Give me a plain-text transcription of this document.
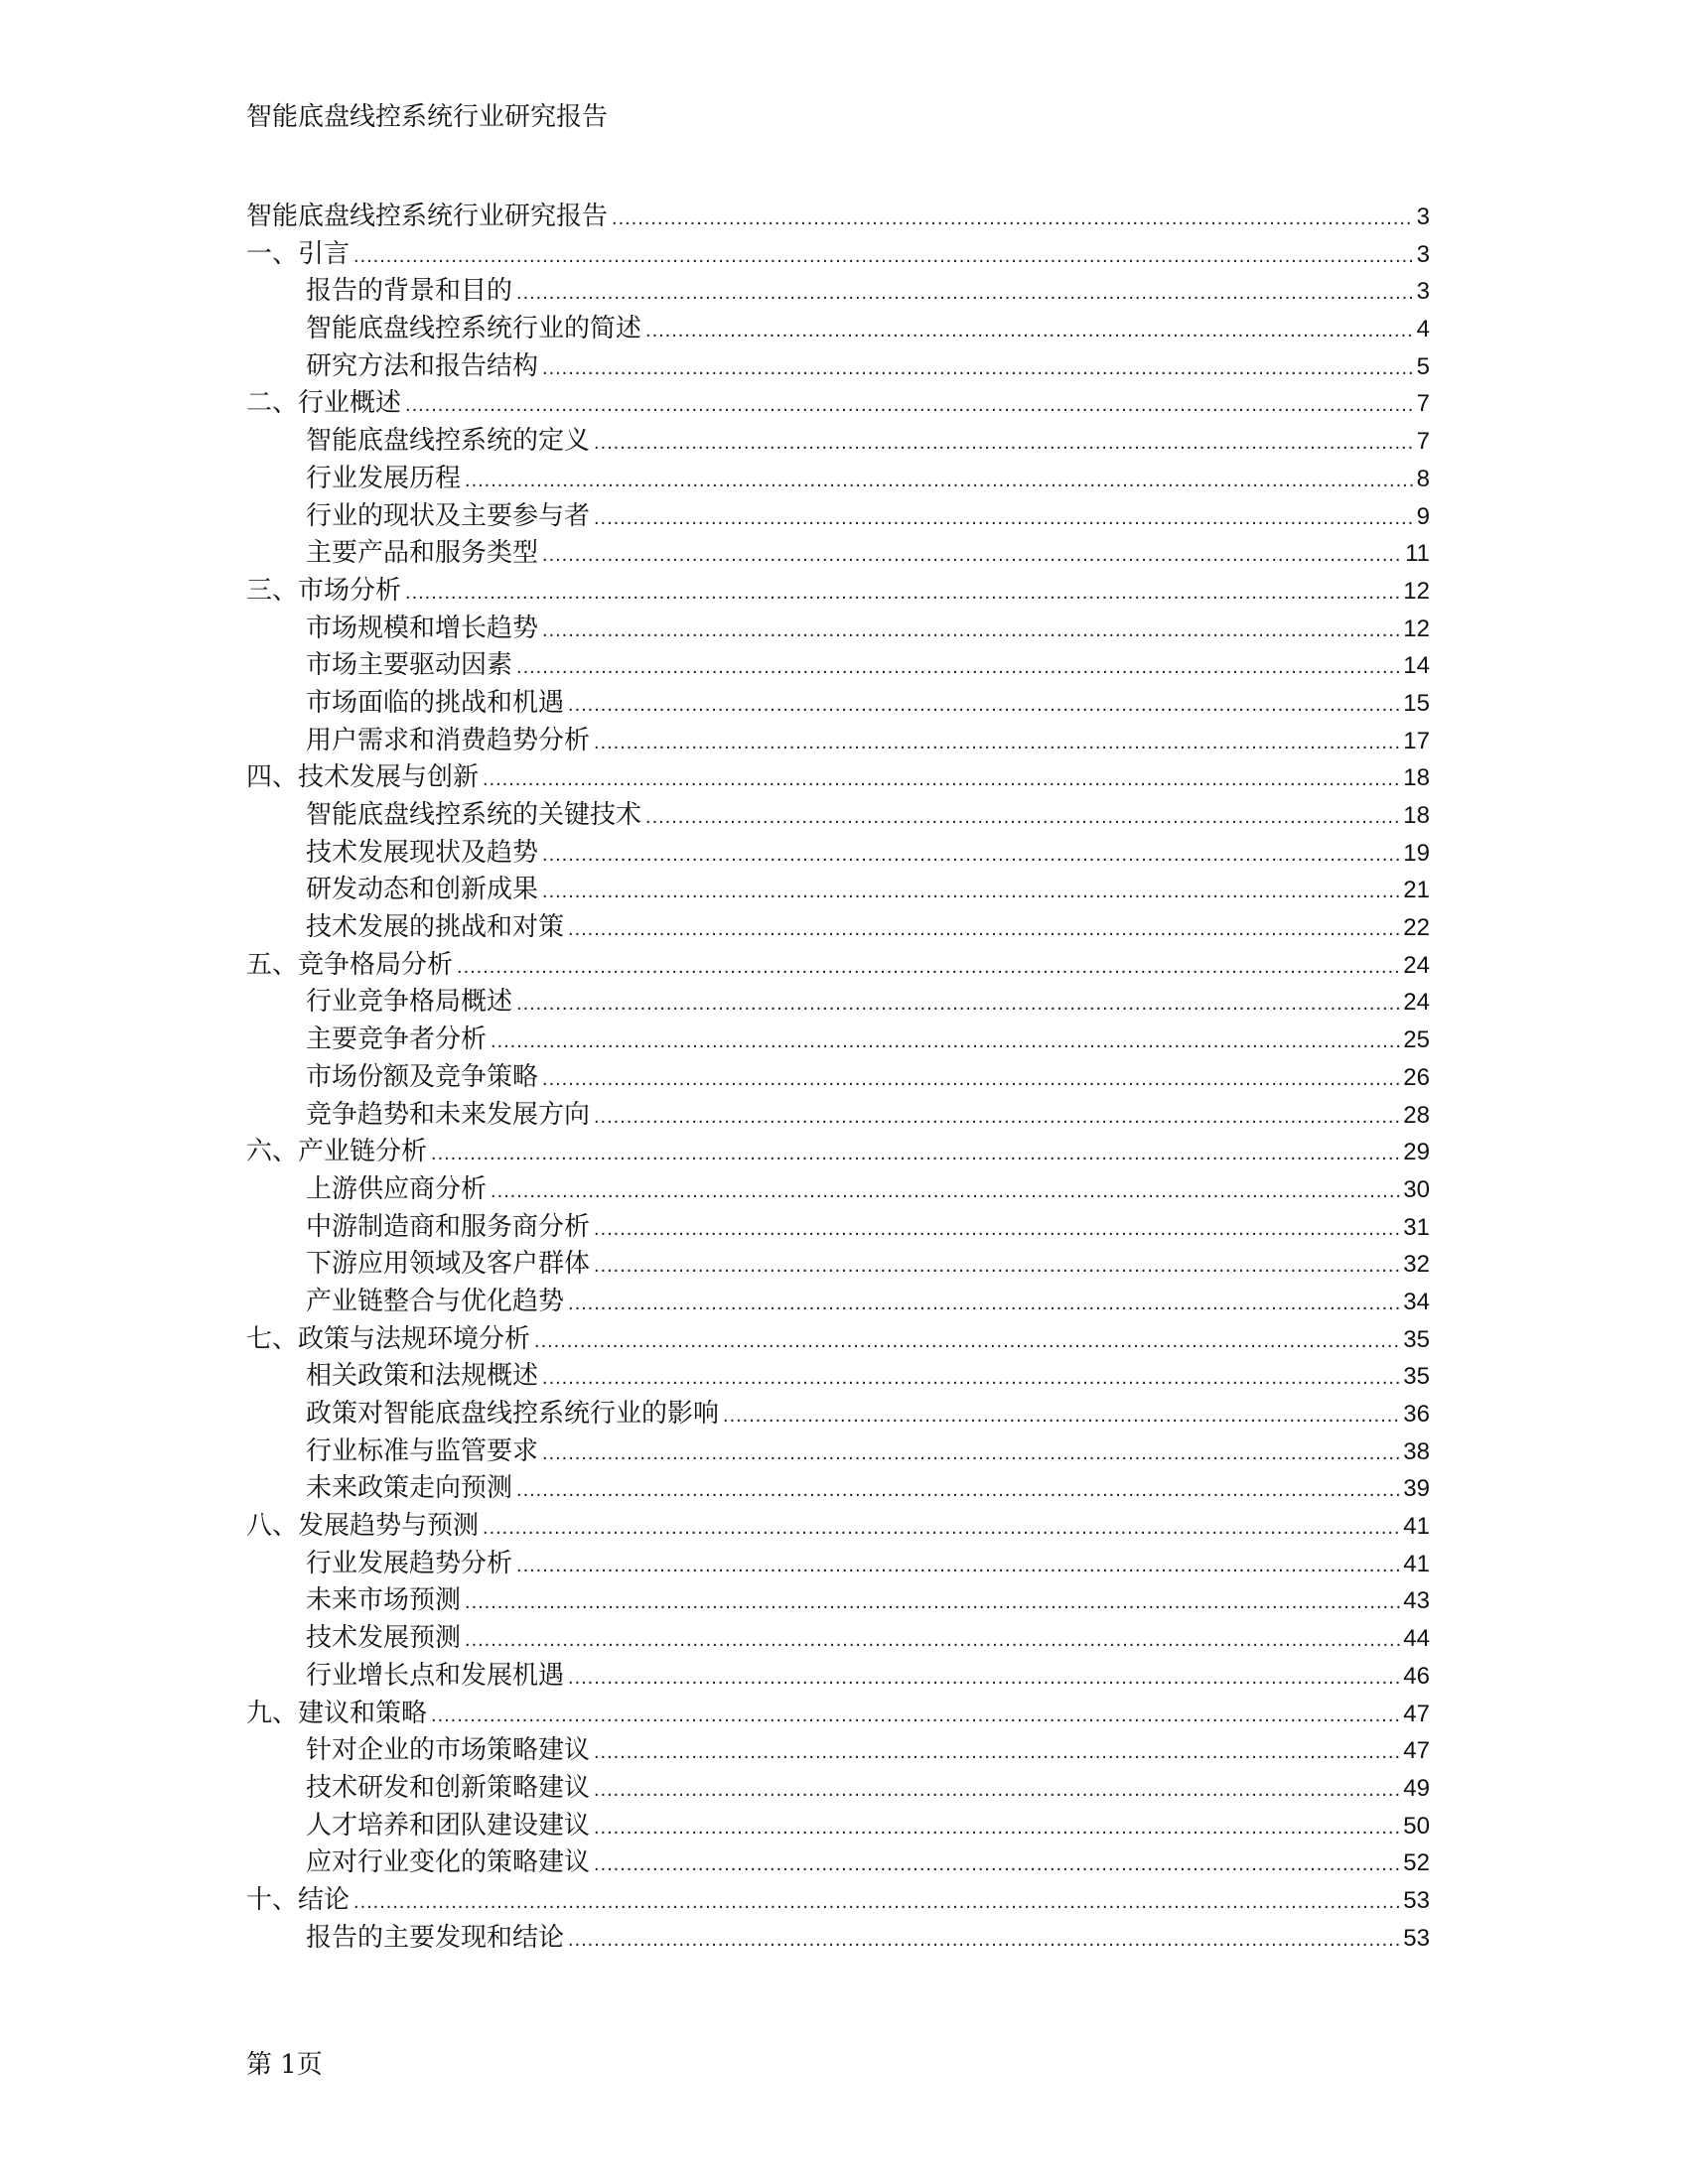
智能底盘线控系统行业研究报告
智能底盘线控系统行业研究报告 .....	3
一、引言 .....	3
报告的背景和目的 .....	3
智能底盘线控系统行业的简述 .....	4
研究方法和报告结构 .....	5
二、行业概述 .....	7
智能底盘线控系统的定义 .....	7
行业发展历程 .....	8
行业的现状及主要参与者 .....	9
主要产品和服务类型 .....	11
三、市场分析 .....	12
市场规模和增长趋势 .....	12
市场主要驱动因素 .....	14
市场面临的挑战和机遇 .....	15
用户需求和消费趋势分析 .....	17
四、技术发展与创新 .....	18
智能底盘线控系统的关键技术 .....	18
技术发展现状及趋势 .....	19
研发动态和创新成果 .....	21
技术发展的挑战和对策 .....	22
五、竞争格局分析 .....	24
行业竞争格局概述 .....	24
主要竞争者分析 .....	25
市场份额及竞争策略 .....	26
竞争趋势和未来发展方向 .....	28
六、产业链分析 .....	29
上游供应商分析 .....	30
中游制造商和服务商分析 .....	31
下游应用领域及客户群体 .....	32
产业链整合与优化趋势 .....	34
七、政策与法规环境分析 .....	35
相关政策和法规概述 .....	35
政策对智能底盘线控系统行业的影响 .....	36
行业标准与监管要求 .....	38
未来政策走向预测 .....	39
八、发展趋势与预测 .....	41
行业发展趋势分析 .....	41
未来市场预测 .....	43
技术发展预测 .....	44
行业增长点和发展机遇 .....	46
九、建议和策略 .....	47
针对企业的市场策略建议 .....	47
技术研发和创新策略建议 .....	49
人才培养和团队建设建议 .....	50
应对行业变化的策略建议 .....	52
十、结论 .....	53
报告的主要发现和结论 .....	53
第 1页
